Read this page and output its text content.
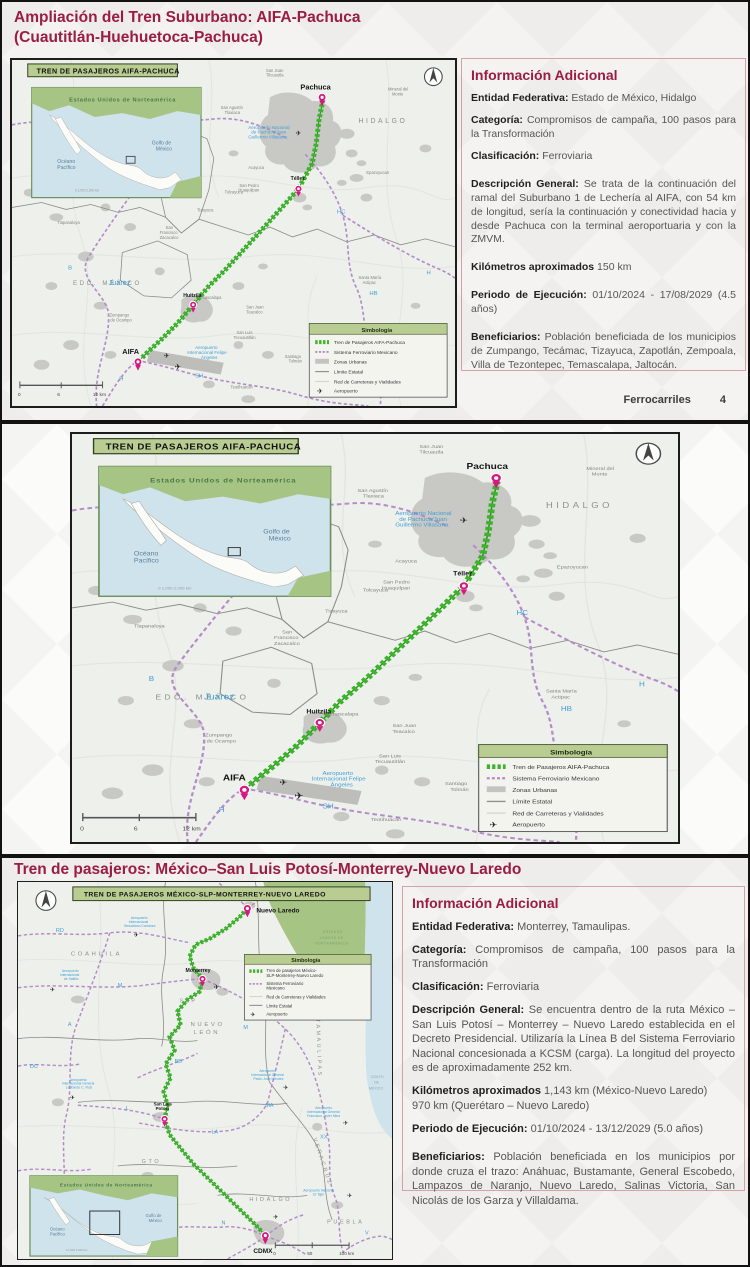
Ampliación del Tren Suburbano: AIFA-Pachuca
(Cuautitlán-Huehuetoca-Pachuca)
Información Adicional

Entidad Federativa: Estado de México, Hidalgo

Categoría: Compromisos de campaña, 100 pasos para la Transformación

Clasificación: Ferroviaria

Descripción General: Se trata de la continuación del ramal del Suburbano 1 de Lechería al AIFA, con 54 km de longitud, sería la continuación y conectividad hacia y desde Pachuca con la terminal aeroportuaria y con la ZMVM.

Kilómetros aproximados 150 km

Periodo de Ejecución: 01/10/2024 - 17/08/2029 (4.5 años)

Beneficiarios: Población beneficiada de los municipios de Zumpango, Tecámac, Tizayuca, Zapotlán, Zempoala, Villa de Tezontepec, Temascalapa, Jaltocán.

Ferrocarriles	4
Tren de pasajeros: México–San Luis Potosí-Monterrey-Nuevo Laredo
Información Adicional

Entidad Federativa: Monterrey, Tamaulipas.

Categoría: Compromisos de campaña, 100 pasos para la Transformación

Clasificación: Ferroviaria

Descripción General: Se encuentra dentro de la ruta México – San Luis Potosí – Monterrey – Nuevo Laredo establecida en el Decreto Presidencial. Utilizaría la Línea B del Sistema Ferroviario Nacional concesionada a KCSM (carga). La longitud del proyecto es de aproximadamente 252 km.

Kilómetros aproximados 1,143 km (México-Nuevo Laredo)
970 km (Querétaro – Nuevo Laredo)

Periodo de Ejecución: 01/10/2024 - 13/12/2029 (5.0 años)

Beneficiarios: Población beneficiada en los municipios por donde cruza el trazo: Anáhuac, Bustamante, General Escobedo, Lampazos de Naranjo, Nuevo Laredo, Salinas Victoria, San Nicolás de los Garza y Villaldama.
